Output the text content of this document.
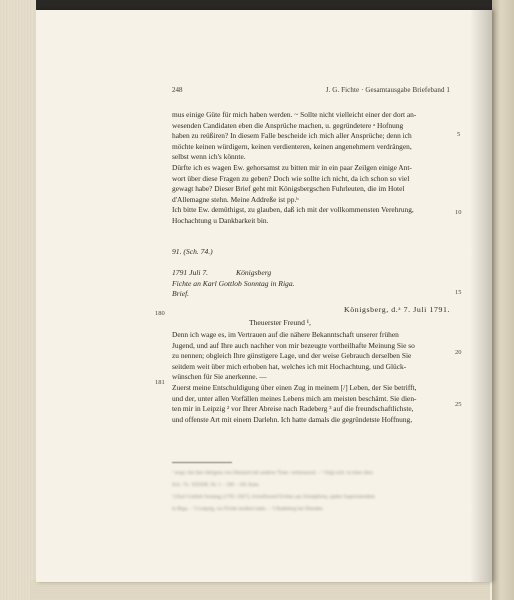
248	J. G. Fichte · Gesamtausgabe Briefeband 1
mus einige Güte für mich haben werden. ~ Sollte nicht vielleicht einer der dort an-
wesenden Candidaten eben die Ansprüche machen, u. gegründetere ᵃ Hofnung
haben zu reüßiren? In diesem Falle bescheide ich mich aller Ansprüche; denn ich
möchte keinen würdigern, keinen verdienteren, keinen angenehmern verdrängen,
selbst wenn ich's könnte.
Dürfte ich es wagen Ew. gehorsamst zu bitten mir in ein paar Zeilgen einige Ant-
wort über diese Fragen zu geben? Doch wie sollte ich nicht, da ich schon so viel
gewagt habe? Dieser Brief geht mit Königsbergschen Fuhrleuten, die im Hotel
d'Allemagne stehn. Meine Addreße ist pp.ᵇ
Ich bitte Ew. demüthigst, zu glauben, daß ich mit der vollkommensten Verehrung,
Hochachtung u Dankbarkeit bin.
91. (Sch. 74.)
1791 Juli 7.	Königsberg
Fichte an Karl Gottlob Sonntag in Riga.
Brief.
Königsberg, d.ᵃ 7. Juli 1791.
Theuerster Freund ¹,
Denn ich wage es, im Vertrauen auf die nähere Bekanntschaft unserer frühen
Jugend, und auf Ihre auch nachher von mir bezeugte vortheilhafte Meinung Sie so
zu nennen; obgleich Ihre günstigere Lage, und der weise Gebrauch derselben Sie
seitdem weit über mich erhoben hat, welches ich mit Hochachtung, und Glück-
wünschen für Sie anerkenne. —
Zuerst meine Entschuldigung über einen Zug in meinem [/] Leben, der Sie betrifft,
und der, unter allen Vorfällen meines Lebens mich am meisten beschämt. Sie dien-
ten mir in Leipzig ² vor Ihrer Abreise nach Radeberg ³ auf die freundschaftlichste,
und offenste Art mit einem Darlehn. Ich hatte damals die gegründetste Hoffnung,
5
10
15
20
25
180
181
ᵃ urspr. hin hier übrigens von Demand mit anderer Tinte: verbessernd. – ᵇ folgt schl. in einer dem
Sch. 74.: XXXIII, Nr. 1 – 180 – 181 Anm.
¹) Karl Gottlob Sonntag (1765–1827), Schulfreund Fichtes aus Schulpforta, später Superintendent
in Riga. – ²) Leipzig, wo Fichte studiert hatte. – ³) Radeberg bei Dresden.
